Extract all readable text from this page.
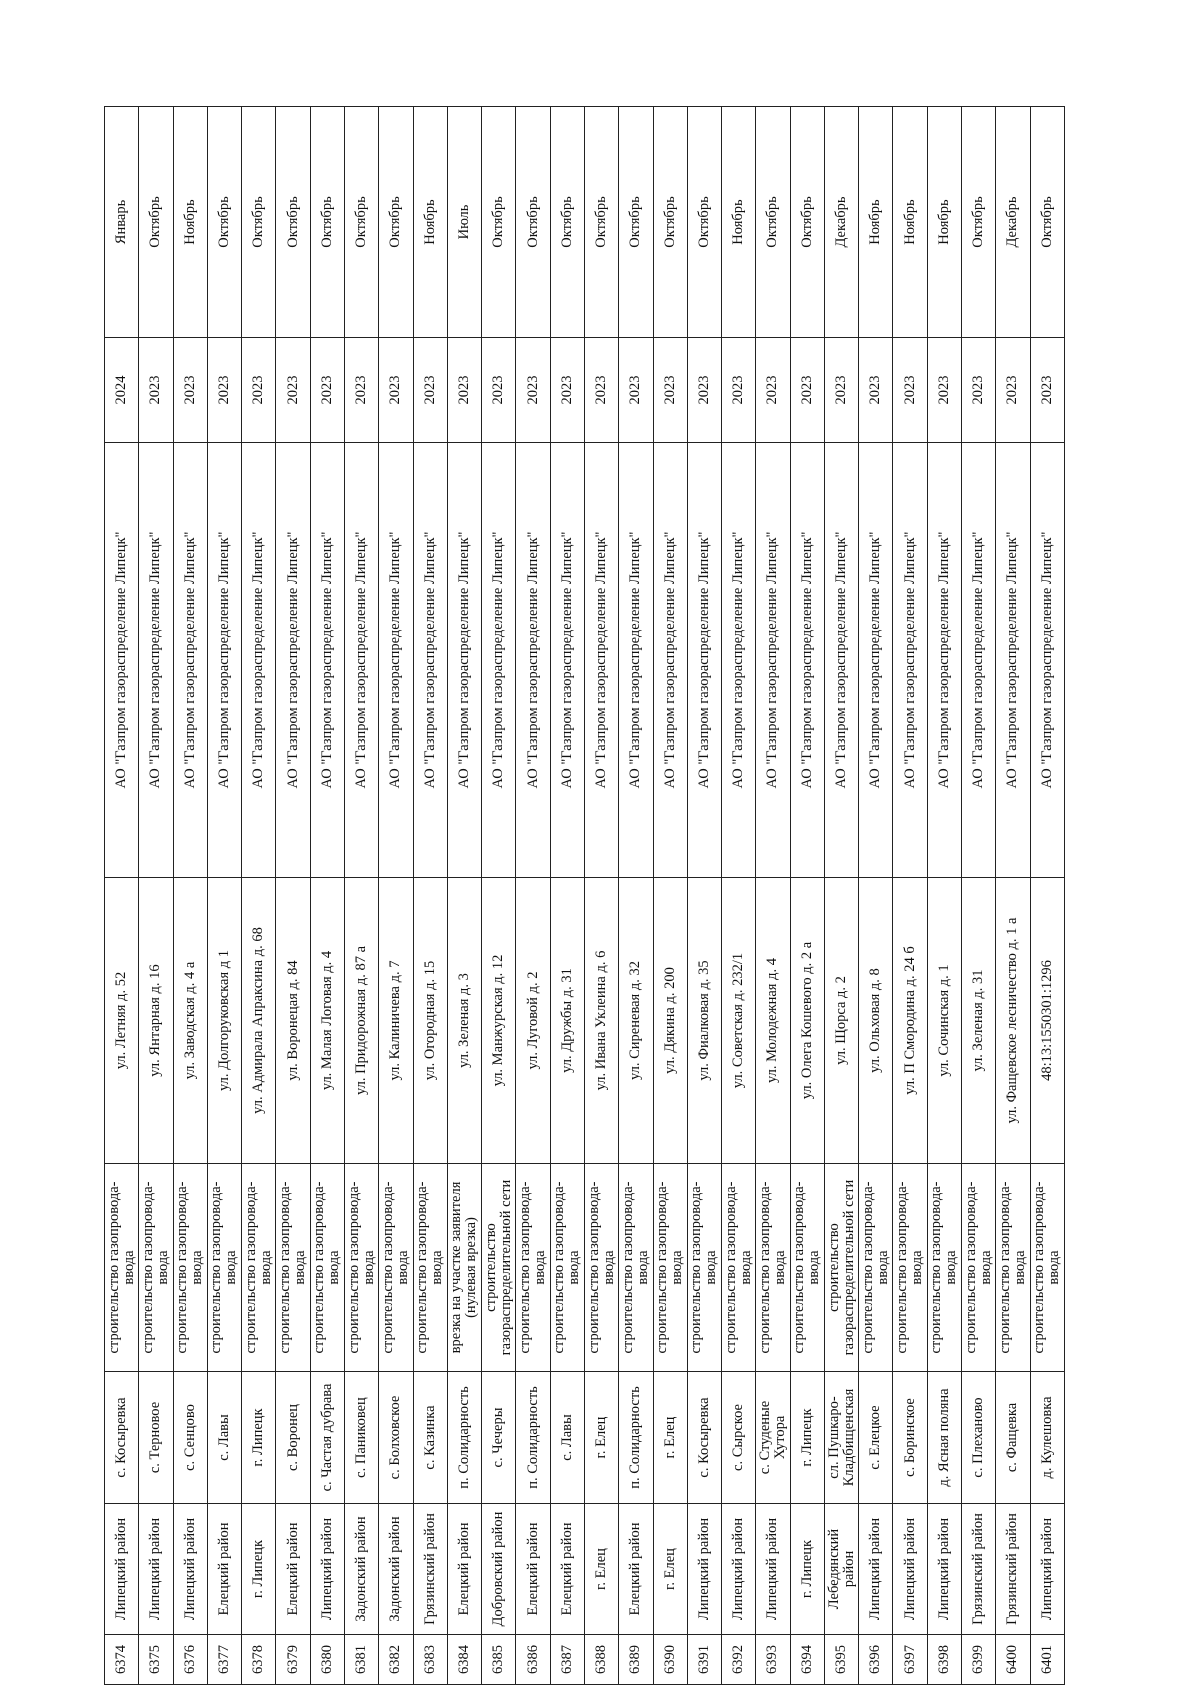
6374	Липецкий район	с. Косыревка	строительство газопровода-ввода	ул. Летняя д. 52	АО "Газпром газораспределение Липецк"	2024	Январь
6375	Липецкий район	с. Терновое	строительство газопровода-ввода	ул. Янтарная д. 16	АО "Газпром газораспределение Липецк"	2023	Октябрь
6376	Липецкий район	с. Сенцово	строительство газопровода-ввода	ул. Заводская д. 4 а	АО "Газпром газораспределение Липецк"	2023	Ноябрь
6377	Елецкий район	с. Лавы	строительство газопровода-ввода	ул. Долгоруковская д 1	АО "Газпром газораспределение Липецк"	2023	Октябрь
6378	г. Липецк	г. Липецк	строительство газопровода-ввода	ул. Адмирала Апраксина д. 68	АО "Газпром газораспределение Липецк"	2023	Октябрь
6379	Елецкий район	с. Воронец	строительство газопровода-ввода	ул. Воронецая д. 84	АО "Газпром газораспределение Липецк"	2023	Октябрь
6380	Липецкий район	с. Частая дубрава	строительство газопровода-ввода	ул. Малая Логовая д. 4	АО "Газпром газораспределение Липецк"	2023	Октябрь
6381	Задонский район	с. Паниковец	строительство газопровода-ввода	ул. Придорожная д. 87 а	АО "Газпром газораспределение Липецк"	2023	Октябрь
6382	Задонский район	с. Болховское	строительство газопровода-ввода	ул. Калиничева д. 7	АО "Газпром газораспределение Липецк"	2023	Октябрь
6383	Грязинский район	с. Казинка	строительство газопровода-ввода	ул. Огородная д. 15	АО "Газпром газораспределение Липецк"	2023	Ноябрь
6384	Елецкий район	п. Солидарность	врезка на участке заявителя (нулевая врезка)	ул. Зеленая д. 3	АО "Газпром газораспределение Липецк"	2023	Июль
6385	Добровский район	с. Чечеры	строительство газораспределительной сети	ул. Манжурская д. 12	АО "Газпром газораспределение Липецк"	2023	Октябрь
6386	Елецкий район	п. Солидарность	строительство газопровода-ввода	ул. Луговой д. 2	АО "Газпром газораспределение Липецк"	2023	Октябрь
6387	Елецкий район	с. Лавы	строительство газопровода-ввода	ул. Дружбы д. 31	АО "Газпром газораспределение Липецк"	2023	Октябрь
6388	г. Елец	г. Елец	строительство газопровода-ввода	ул. Ивана Уклеина д. 6	АО "Газпром газораспределение Липецк"	2023	Октябрь
6389	Елецкий район	п. Солидарность	строительство газопровода-ввода	ул. Сиреневая д. 32	АО "Газпром газораспределение Липецк"	2023	Октябрь
6390	г. Елец	г. Елец	строительство газопровода-ввода	ул. Дякина д. 200	АО "Газпром газораспределение Липецк"	2023	Октябрь
6391	Липецкий район	с. Косыревка	строительство газопровода-ввода	ул. Фиалковая д. 35	АО "Газпром газораспределение Липецк"	2023	Октябрь
6392	Липецкий район	с. Сырское	строительство газопровода-ввода	ул. Советская д. 232/1	АО "Газпром газораспределение Липецк"	2023	Ноябрь
6393	Липецкий район	с. Студеные Хутора	строительство газопровода-ввода	ул. Молодежная д. 4	АО "Газпром газораспределение Липецк"	2023	Октябрь
6394	г. Липецк	г. Липецк	строительство газопровода-ввода	ул. Олега Кошевого д. 2 а	АО "Газпром газораспределение Липецк"	2023	Октябрь
6395	Лебедянский район	сл. Пушкаро-Кладбищенская	строительство газораспределительной сети	ул. Щорса д. 2	АО "Газпром газораспределение Липецк"	2023	Декабрь
6396	Липецкий район	с. Елецкое	строительство газопровода-ввода	ул. Ольховая д. 8	АО "Газпром газораспределение Липецк"	2023	Ноябрь
6397	Липецкий район	с. Боринское	строительство газопровода-ввода	ул. П Смородина д. 24 б	АО "Газпром газораспределение Липецк"	2023	Ноябрь
6398	Липецкий район	д. Ясная поляна	строительство газопровода-ввода	ул. Сочинская д. 1	АО "Газпром газораспределение Липецк"	2023	Ноябрь
6399	Грязинский район	с. Плеханово	строительство газопровода-ввода	ул. Зеленая д. 31	АО "Газпром газораспределение Липецк"	2023	Октябрь
6400	Грязинский район	с. Фащевка	строительство газопровода-ввода	ул. Фащевское лесничество д. 1 а	АО "Газпром газораспределение Липецк"	2023	Декабрь
6401	Липецкий район	д. Кулешовка	строительство газопровода-ввода	48:13:1550301:1296	АО "Газпром газораспределение Липецк"	2023	Октябрь
